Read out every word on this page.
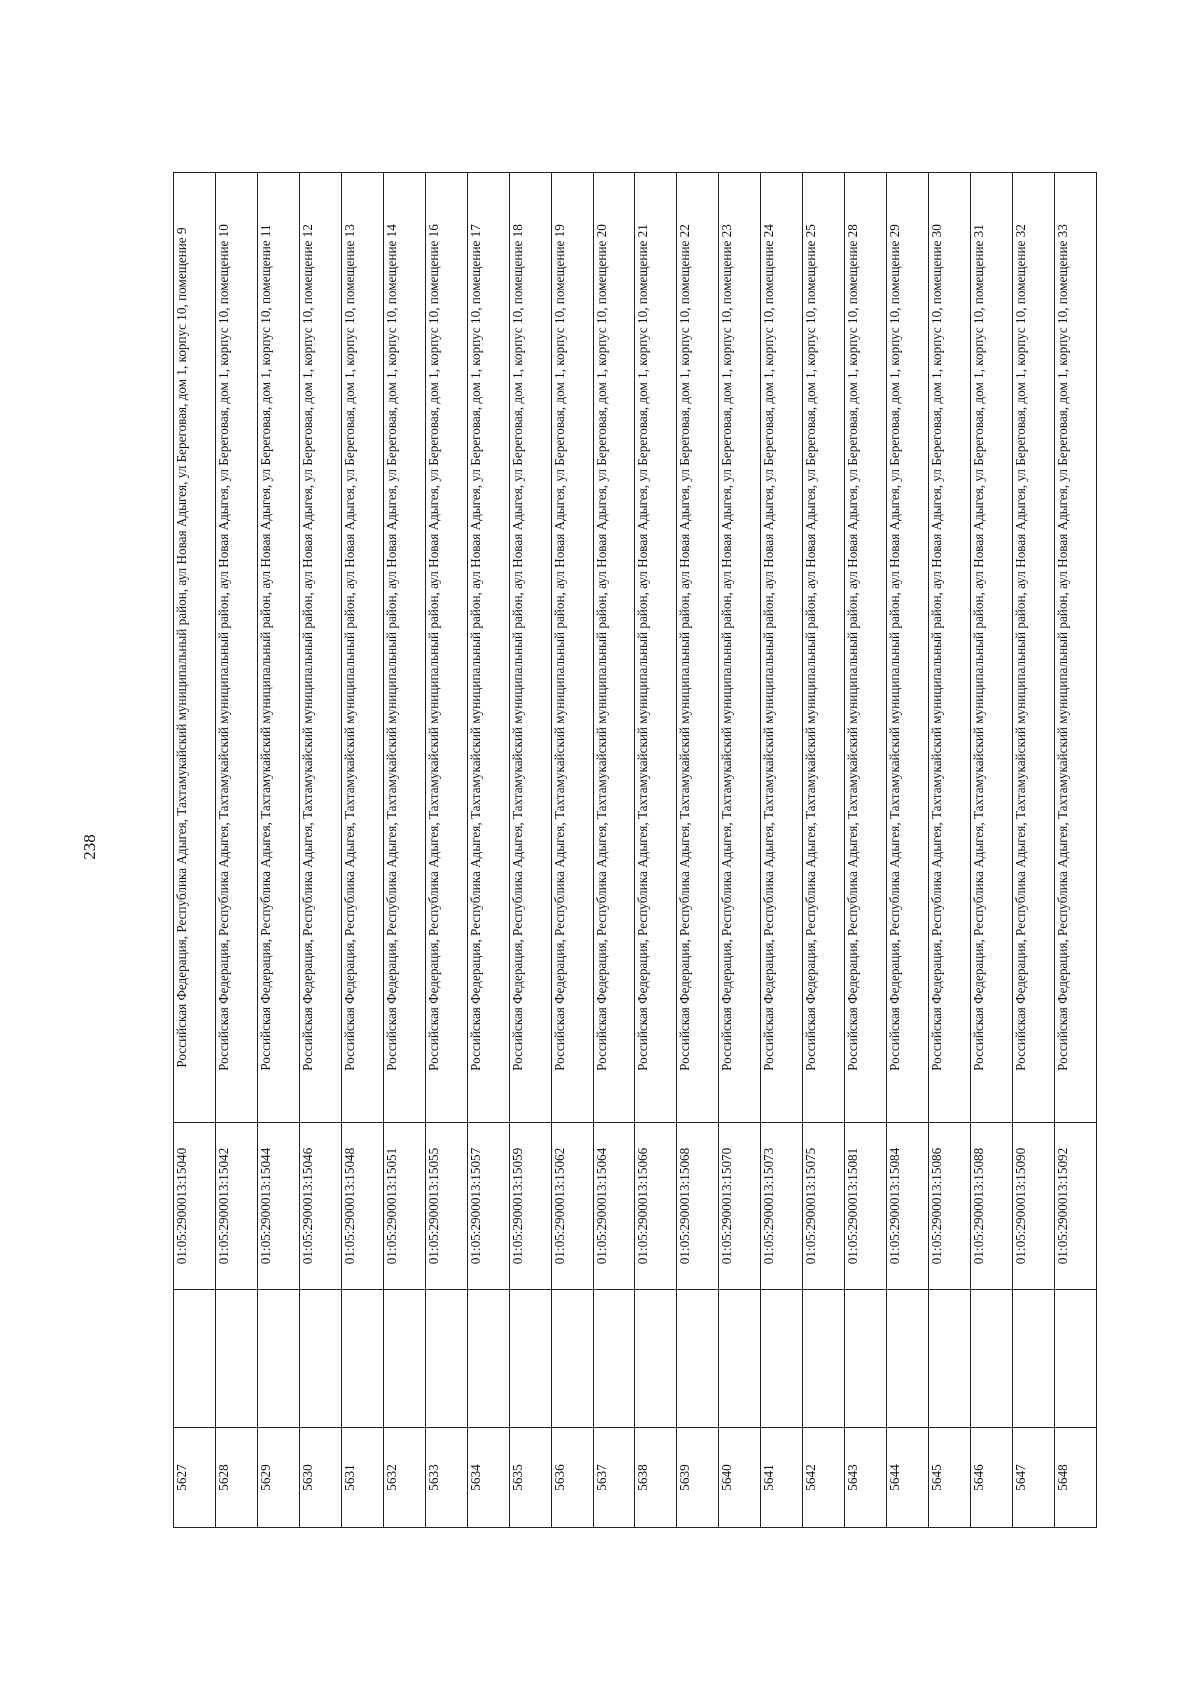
238
5627		01:05:2900013:15040	Российская Федерация, Республика Адыгея, Тахтамукайский муниципальный район, аул Новая Адыгея, ул Береговая, дом 1, корпус 10, помещение 9
5628		01:05:2900013:15042	Российская Федерация, Республика Адыгея, Тахтамукайский муниципальный район, аул Новая Адыгея, ул Береговая, дом 1, корпус 10, помещение 10
5629		01:05:2900013:15044	Российская Федерация, Республика Адыгея, Тахтамукайский муниципальный район, аул Новая Адыгея, ул Береговая, дом 1, корпус 10, помещение 11
5630		01:05:2900013:15046	Российская Федерация, Республика Адыгея, Тахтамукайский муниципальный район, аул Новая Адыгея, ул Береговая, дом 1, корпус 10, помещение 12
5631		01:05:2900013:15048	Российская Федерация, Республика Адыгея, Тахтамукайский муниципальный район, аул Новая Адыгея, ул Береговая, дом 1, корпус 10, помещение 13
5632		01:05:2900013:15051	Российская Федерация, Республика Адыгея, Тахтамукайский муниципальный район, аул Новая Адыгея, ул Береговая, дом 1, корпус 10, помещение 14
5633		01:05:2900013:15055	Российская Федерация, Республика Адыгея, Тахтамукайский муниципальный район, аул Новая Адыгея, ул Береговая, дом 1, корпус 10, помещение 16
5634		01:05:2900013:15057	Российская Федерация, Республика Адыгея, Тахтамукайский муниципальный район, аул Новая Адыгея, ул Береговая, дом 1, корпус 10, помещение 17
5635		01:05:2900013:15059	Российская Федерация, Республика Адыгея, Тахтамукайский муниципальный район, аул Новая Адыгея, ул Береговая, дом 1, корпус 10, помещение 18
5636		01:05:2900013:15062	Российская Федерация, Республика Адыгея, Тахтамукайский муниципальный район, аул Новая Адыгея, ул Береговая, дом 1, корпус 10, помещение 19
5637		01:05:2900013:15064	Российская Федерация, Республика Адыгея, Тахтамукайский муниципальный район, аул Новая Адыгея, ул Береговая, дом 1, корпус 10, помещение 20
5638		01:05:2900013:15066	Российская Федерация, Республика Адыгея, Тахтамукайский муниципальный район, аул Новая Адыгея, ул Береговая, дом 1, корпус 10, помещение 21
5639		01:05:2900013:15068	Российская Федерация, Республика Адыгея, Тахтамукайский муниципальный район, аул Новая Адыгея, ул Береговая, дом 1, корпус 10, помещение 22
5640		01:05:2900013:15070	Российская Федерация, Республика Адыгея, Тахтамукайский муниципальный район, аул Новая Адыгея, ул Береговая, дом 1, корпус 10, помещение 23
5641		01:05:2900013:15073	Российская Федерация, Республика Адыгея, Тахтамукайский муниципальный район, аул Новая Адыгея, ул Береговая, дом 1, корпус 10, помещение 24
5642		01:05:2900013:15075	Российская Федерация, Республика Адыгея, Тахтамукайский муниципальный район, аул Новая Адыгея, ул Береговая, дом 1, корпус 10, помещение 25
5643		01:05:2900013:15081	Российская Федерация, Республика Адыгея, Тахтамукайский муниципальный район, аул Новая Адыгея, ул Береговая, дом 1, корпус 10, помещение 28
5644		01:05:2900013:15084	Российская Федерация, Республика Адыгея, Тахтамукайский муниципальный район, аул Новая Адыгея, ул Береговая, дом 1, корпус 10, помещение 29
5645		01:05:2900013:15086	Российская Федерация, Республика Адыгея, Тахтамукайский муниципальный район, аул Новая Адыгея, ул Береговая, дом 1, корпус 10, помещение 30
5646		01:05:2900013:15088	Российская Федерация, Республика Адыгея, Тахтамукайский муниципальный район, аул Новая Адыгея, ул Береговая, дом 1, корпус 10, помещение 31
5647		01:05:2900013:15090	Российская Федерация, Республика Адыгея, Тахтамукайский муниципальный район, аул Новая Адыгея, ул Береговая, дом 1, корпус 10, помещение 32
5648		01:05:2900013:15092	Российская Федерация, Республика Адыгея, Тахтамукайский муниципальный район, аул Новая Адыгея, ул Береговая, дом 1, корпус 10, помещение 33
